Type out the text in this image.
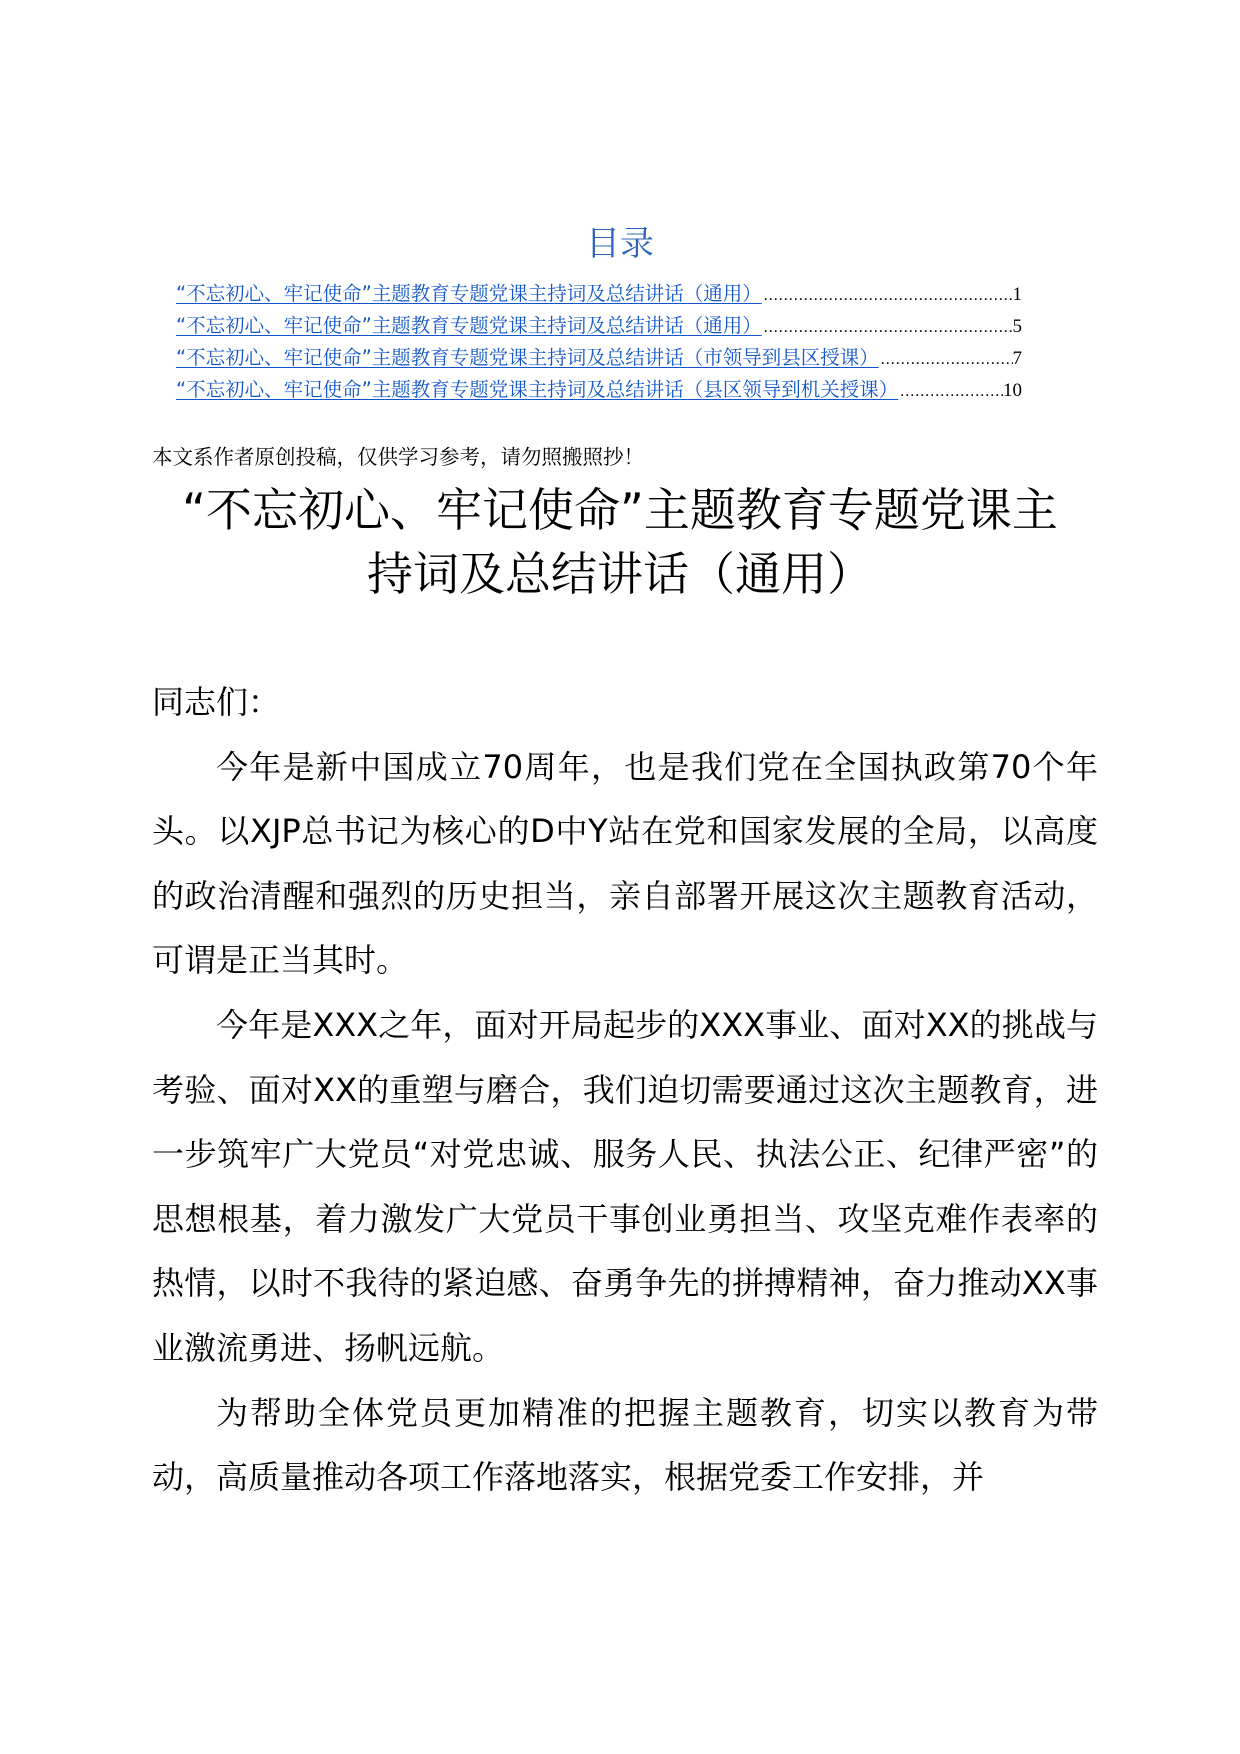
目录
“不忘初心、牢记使命”主题教育专题党课主持词及总结讲话（通用） .....	1
“不忘初心、牢记使命”主题教育专题党课主持词及总结讲话（通用） .....	5
“不忘初心、牢记使命”主题教育专题党课主持词及总结讲话（市领导到县区授课） .....	7
“不忘初心、牢记使命”主题教育专题党课主持词及总结讲话（县区领导到机关授课） .....	10
本文系作者原创投稿，仅供学习参考，请勿照搬照抄！
“不忘初心、牢记使命”主题教育专题党课主
持词及总结讲话（通用）

同志们：

今年是新中国成立70周年，也是我们党在全国执政第70个年头。以XJP总书记为核心的D中Y站在党和国家发展的全局，以高度的政治清醒和强烈的历史担当，亲自部署开展这次主题教育活动，可谓是正当其时。

今年是XXX之年，面对开局起步的XXX事业、面对XX的挑战与考验、面对XX的重塑与磨合，我们迫切需要通过这次主题教育，进一步筑牢广大党员“对党忠诚、服务人民、执法公正、纪律严密”的思想根基，着力激发广大党员干事创业勇担当、攻坚克难作表率的热情，以时不我待的紧迫感、奋勇争先的拼搏精神，奋力推动XX事业激流勇进、扬帆远航。

为帮助全体党员更加精准的把握主题教育，切实以教育为带动，高质量推动各项工作落地落实，根据党委工作安排，并
